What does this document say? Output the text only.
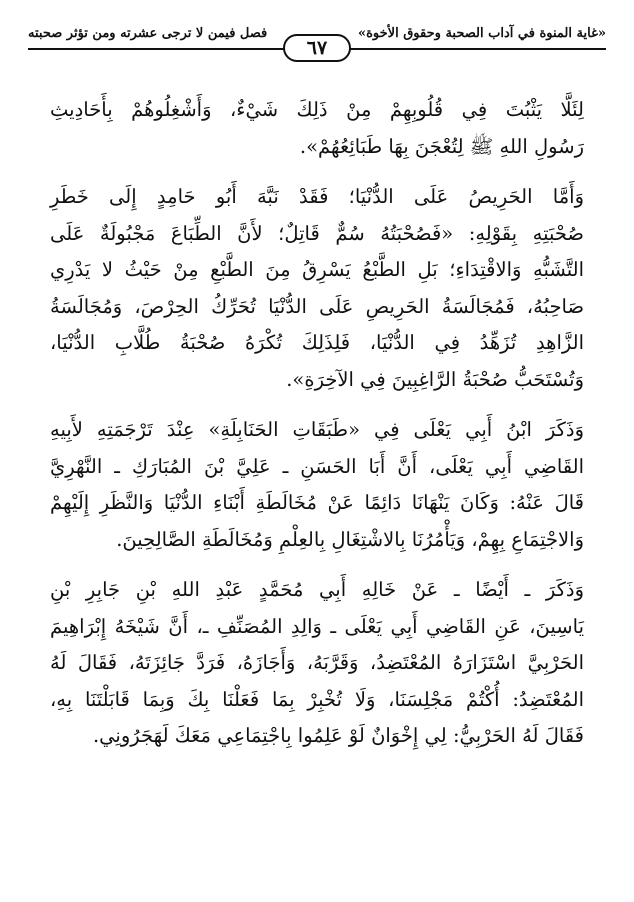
«غاية المنوة في آداب الصحبة وحقوق الأخوة»
فصل فيمن لا ترجى عشرته ومن تؤثر صحبته
٦٧

لِئَلَّا يَثْبُتَ فِي قُلُوبِهِمْ مِنْ ذَلِكَ شَيْءٌ، وَأَشْغِلُوهُمْ بِأَحَادِيثِ
رَسُولِ اللهِ ﷺ لِتُعْجَنَ بِهَا طَبَائِعُهُمْ».

وَأَمَّا الحَرِيصُ عَلَى الدُّنْيَا؛ فَقَدْ نَبَّهَ أَبُو حَامِدٍ إِلَى خَطَرِ
صُحْبَتِهِ بِقَوْلِهِ: «فَصُحْبَتُهُ سُمٌّ قَاتِلٌ؛ لأَنَّ الطِّبَاعَ مَجْبُولَةٌ عَلَى
التَّشَبُّهِ وَالاقْتِدَاءِ؛ بَلِ الطَّبْعُ يَسْرِقُ مِنَ الطَّبْعِ مِنْ حَيْثُ لا يَدْرِي
صَاحِبُهُ، فَمُجَالَسَةُ الحَرِيصِ عَلَى الدُّنْيَا تُحَرِّكُ الحِرْصَ، وَمُجَالَسَةُ
الزَّاهِدِ تُزَهِّدُ فِي الدُّنْيَا، فَلِذَلِكَ تُكْرَهُ صُحْبَةُ طُلَّابِ الدُّنْيَا،
وَتُسْتَحَبُّ صُحْبَةُ الرَّاغِبِينَ فِي الآخِرَةِ».

وَذَكَرَ ابْنُ أَبِي يَعْلَى فِي «طَبَقَاتِ الحَنَابِلَةِ» عِنْدَ تَرْجَمَتِهِ لأَبِيهِ
القَاضِي أَبِي يَعْلَى، أَنَّ أَبَا الحَسَنِ ـ عَلِيَّ بْنَ المُبَارَكِ ـ النَّهْرِيَّ
قَالَ عَنْهُ: وَكَانَ يَنْهَانَا دَائِمًا عَنْ مُخَالَطَةِ أَبْنَاءِ الدُّنْيَا وَالنَّظَرِ إِلَيْهِمْ
وَالاجْتِمَاعِ بِهِمْ، وَيَأْمُرُنَا بِالاشْتِغَالِ بِالعِلْمِ وَمُخَالَطَةِ الصَّالِحِينَ.

وَذَكَرَ ـ أَيْضًا ـ عَنْ خَالِهِ أَبِي مُحَمَّدٍ عَبْدِ اللهِ بْنِ جَابِرِ بْنِ
يَاسِينَ، عَنِ القَاضِي أَبِي يَعْلَى ـ وَالِدِ المُصَنِّفِ ـ، أَنَّ شَيْخَهُ إِبْرَاهِيمَ
الحَرْبِيَّ اسْتَزَارَهُ المُعْتَضِدُ، وَقَرَّبَهُ، وَأَجَازَهُ، فَرَدَّ جَائِزَتَهُ، فَقَالَ لَهُ
المُعْتَضِدُ: أُكْتُمْ مَجْلِسَنَا، وَلَا تُخْبِرْ بِمَا فَعَلْنَا بِكَ وَبِمَا قَابَلْتَنَا بِهِ،
فَقَالَ لَهُ الحَرْبِيُّ: لِي إِخْوَانٌ لَوْ عَلِمُوا بِاجْتِمَاعِي مَعَكَ لَهَجَرُونِي.
